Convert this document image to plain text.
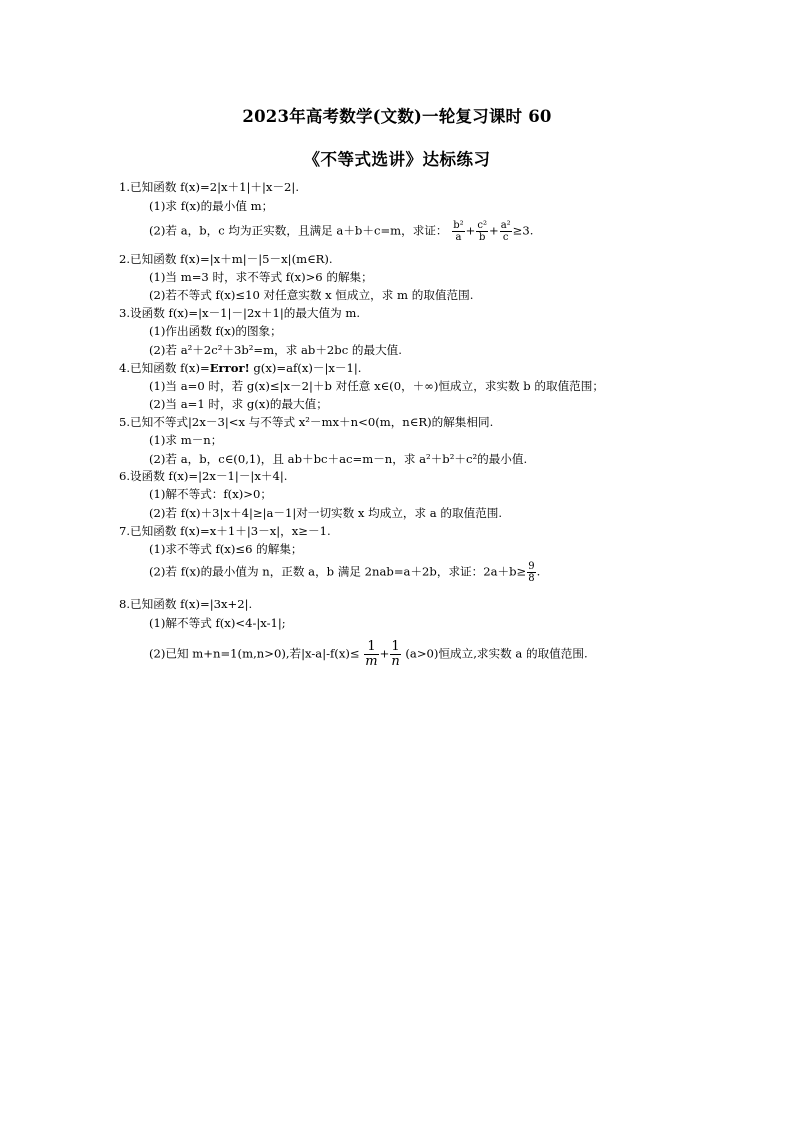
2023年高考数学(文数)一轮复习课时 60
《不等式选讲》达标练习
1.已知函数 f(x)=2|x＋1|＋|x－2|.
(1)求 f(x)的最小值 m；
(2)若 a，b，c 均为正实数，且满足 a＋b＋c=m，求证： $\frac{\text{b²}}{a} + \frac{\text{c²}}{b} + \frac{\text{a²}}{c} \ge 3$.
2.已知函数 f(x)=|x＋m|－|5－x|(m∈R).
(1)当 m=3 时，求不等式 f(x)>6 的解集；
(2)若不等式 f(x)≤10 对任意实数 x 恒成立，求 m 的取值范围.
3.设函数 f(x)=|x－1|－|2x＋1|的最大值为 m.
(1)作出函数 f(x)的图象；
(2)若 a²＋2c²＋3b²=m，求 ab＋2bc 的最大值.
4.已知函数 f(x)=Error! g(x)=af(x)－|x－1|.
(1)当 a=0 时，若 g(x)≤|x－2|＋b 对任意 x∈(0，＋∞)恒成立，求实数 b 的取值范围；
(2)当 a=1 时，求 g(x)的最大值；
5.已知不等式|2x－3|<x 与不等式 x²－mx＋n<0(m，n∈R)的解集相同.
(1)求 m－n；
(2)若 a，b，c∈(0,1)，且 ab＋bc＋ac=m－n，求 a²＋b²＋c²的最小值.
6.设函数 f(x)=|2x－1|－|x＋4|.
(1)解不等式：f(x)>0；
(2)若 f(x)＋3|x＋4|≥|a－1|对一切实数 x 均成立，求 a 的取值范围.
7.已知函数 f(x)=x＋1＋|3－x|，x≥－1.
(1)求不等式 f(x)≤6 的解集；
(2)若 f(x)的最小值为 n，正数 a，b 满足 2nab=a＋2b，求证：$2a+b\ge \frac{9}{8}$ .
8.已知函数 f(x)=|3x+2|.
(1)解不等式 f(x)<4-|x-1|;
(2)已知 m+n=1(m,n>0),若$|x-a|-f(x)\le \frac{1}{m} + \frac{1}{n} (a>0)$恒成立,求实数 a 的取值范围.
